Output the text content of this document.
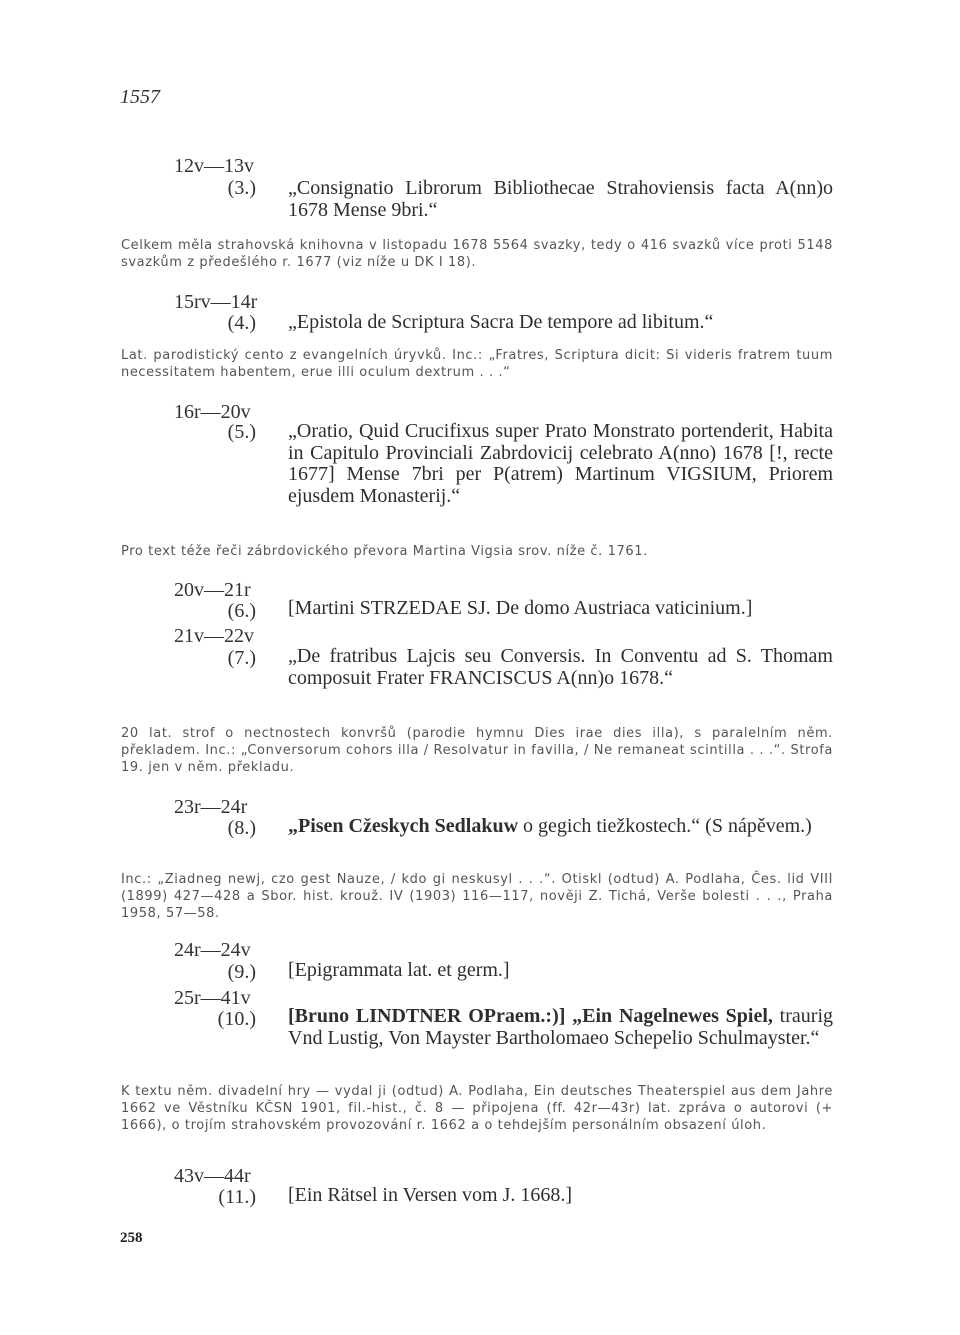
1557
12v—13v
(3.) „Consignatio Librorum Bibliothecae Strahoviensis facta A(nn)o 1678 Mense 9bri.“
Celkem měla strahovská knihovna v listopadu 1678 5564 svazky, tedy o 416 svazků více proti 5148 svazkům z předešlého r. 1677 (viz níže u DK I 18).
15rv—14r
(4.) „Epistola de Scriptura Sacra De tempore ad libitum.“
Lat. parodistický cento z evangelních úryvků. Inc.: „Fratres, Scriptura dicit: Si videris fratrem tuum necessitatem habentem, erue illi oculum dextrum . . .“
16r—20v
(5.) „Oratio, Quid Crucifixus super Prato Monstrato portenderit, Habita in Capitulo Provinciali Zabrdovicij celebrato A(nno) 1678 [!, recte 1677] Mense 7bri per P(atrem) Martinum VIGSIUM, Priorem ejusdem Monasterij.“
Pro text téže řeči zábrdovického převora Martina Vigsia srov. níže č. 1761.
20v—21r
(6.) [Martini STRZEDAE SJ. De domo Austriaca vaticinium.]
21v—22v
(7.) „De fratribus Lajcis seu Conversis. In Conventu ad S. Thomam composuit Frater FRANCISCUS A(nn)o 1678.“
20 lat. strof o nectnostech konvršů (parodie hymnu Dies irae dies illa), s paralelním něm. překladem. Inc.: „Conversorum cohors illa / Resolvatur in favilla, / Ne remaneat scintilla . . .“. Strofa 19. jen v něm. překladu.
23r—24r
(8.) „Pisen Cžeskych Sedlakuw o gegich tiežkostech.“ (S nápěvem.)
Inc.: „Ziadneg newj, czo gest Nauze, / kdo gi neskusyl . . .“. Otiskl (odtud) A. Podlaha, Čes. lid VIII (1899) 427—428 a Sbor. hist. krouž. IV (1903) 116—117, nověji Z. Tichá, Verše bolesti . . ., Praha 1958, 57—58.
24r—24v
(9.) [Epigrammata lat. et germ.]
25r—41v
(10.) [Bruno LINDTNER OPraem.:)] „Ein Nagelnewes Spiel, traurig Vnd Lustig, Von Mayster Bartholomaeo Schepelio Schulmayster.“
K textu něm. divadelní hry — vydal ji (odtud) A. Podlaha, Ein deutsches Theaterspiel aus dem Jahre 1662 ve Věstníku KČSN 1901, fil.-hist., č. 8 — připojena (ff. 42r—43r) lat. zpráva o autorovi (+ 1666), o trojím strahovském provozování r. 1662 a o tehdejším personálním obsazení úloh.
43v—44r
(11.) [Ein Rätsel in Versen vom J. 1668.]
258
